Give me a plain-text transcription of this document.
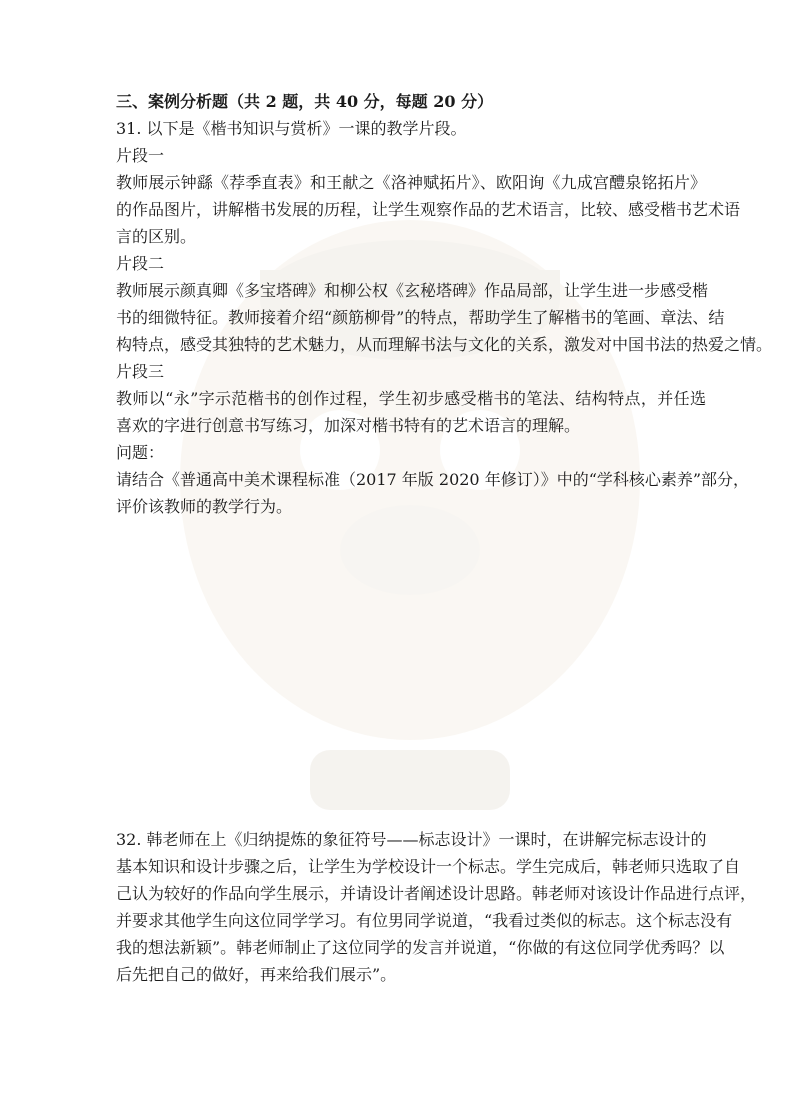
三、案例分析题（共 2 题，共 40 分，每题 20 分）
31. 以下是《楷书知识与赏析》一课的教学片段。
片段一
教师展示钟繇《荐季直表》和王献之《洛神赋拓片》、欧阳询《九成宫醴泉铭拓片》
的作品图片，讲解楷书发展的历程，让学生观察作品的艺术语言，比较、感受楷书艺术语
言的区别。
片段二
教师展示颜真卿《多宝塔碑》和柳公权《玄秘塔碑》作品局部，让学生进一步感受楷
书的细微特征。教师接着介绍“颜筋柳骨”的特点，帮助学生了解楷书的笔画、章法、结
构特点，感受其独特的艺术魅力，从而理解书法与文化的关系，激发对中国书法的热爱之情。
片段三
教师以“永”字示范楷书的创作过程，学生初步感受楷书的笔法、结构特点，并任选
喜欢的字进行创意书写练习，加深对楷书特有的艺术语言的理解。
问题：
请结合《普通高中美术课程标准（2017 年版 2020 年修订）》中的“学科核心素养”部分，
评价该教师的教学行为。
32. 韩老师在上《归纳提炼的象征符号——标志设计》一课时，在讲解完标志设计的
基本知识和设计步骤之后，让学生为学校设计一个标志。学生完成后，韩老师只选取了自
己认为较好的作品向学生展示，并请设计者阐述设计思路。韩老师对该设计作品进行点评，
并要求其他学生向这位同学学习。有位男同学说道，“我看过类似的标志。这个标志没有
我的想法新颖”。韩老师制止了这位同学的发言并说道，“你做的有这位同学优秀吗？以
后先把自己的做好，再来给我们展示”。
